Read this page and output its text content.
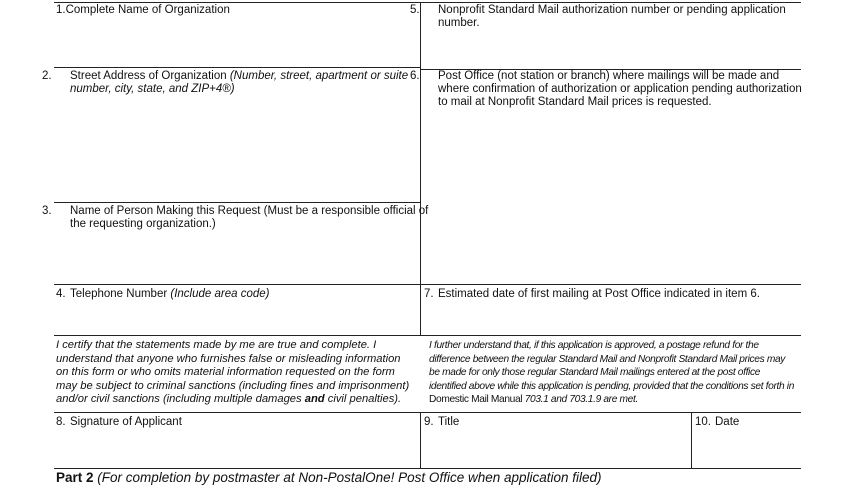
1.Complete Name of Organization
2. Street Address of Organization (Number, street, apartment or suite number, city, state, and ZIP+4®)
3. Name of Person Making this Request (Must be a responsible official of the requesting organization.)
4. Telephone Number (Include area code)
5. Nonprofit Standard Mail authorization number or pending application number.
6. Post Office (not station or branch) where mailings will be made and where confirmation of authorization or application pending authorization to mail at Nonprofit Standard Mail prices is requested.
7. Estimated date of first mailing at Post Office indicated in item 6.
I certify that the statements made by me are true and complete. I understand that anyone who furnishes false or misleading information on this form or who omits material information requested on the form may be subject to criminal sanctions (including fines and imprisonment) and/or civil sanctions (including multiple damages and civil penalties).
I further understand that, if this application is approved, a postage refund for the difference between the regular Standard Mail and Nonprofit Standard Mail prices may be made for only those regular Standard Mail mailings entered at the post office identified above while this application is pending, provided that the conditions set forth in Domestic Mail Manual 703.1 and 703.1.9 are met.
8. Signature of Applicant	9. Title	10. Date
Part 2 (For completion by postmaster at Non-PostalOne! Post Office when application filed)
